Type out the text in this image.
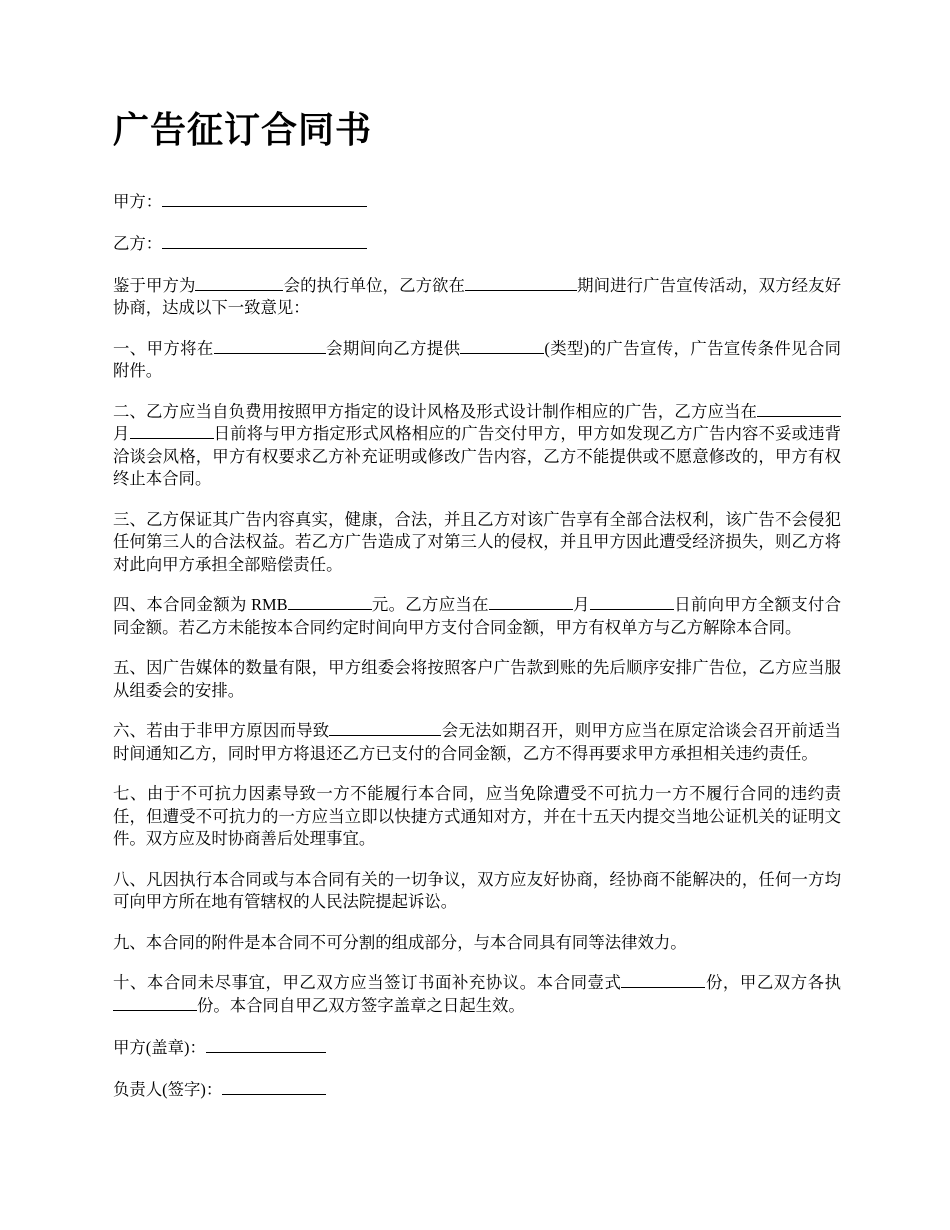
广告征订合同书

甲方：

乙方：

鉴于甲方为	会的执行单位，乙方欲在	期间进行广告宣传活动，双方经友好协商，达成以下一致意见：

一、甲方将在	会期间向乙方提供	(类型)的广告宣传，广告宣传条件见合同附件。

二、乙方应当自负费用按照甲方指定的设计风格及形式设计制作相应的广告，乙方应当在月	日前将与甲方指定形式风格相应的广告交付甲方，甲方如发现乙方广告内容不妥或违背洽谈会风格，甲方有权要求乙方补充证明或修改广告内容，乙方不能提供或不愿意修改的，甲方有权终止本合同。

三、乙方保证其广告内容真实，健康，合法，并且乙方对该广告享有全部合法权利，该广告不会侵犯任何第三人的合法权益。若乙方广告造成了对第三人的侵权，并且甲方因此遭受经济损失，则乙方将对此向甲方承担全部赔偿责任。

四、本合同金额为 RMB	元。乙方应当在	月	日前向甲方全额支付合同金额。若乙方未能按本合同约定时间向甲方支付合同金额，甲方有权单方与乙方解除本合同。

五、因广告媒体的数量有限，甲方组委会将按照客户广告款到账的先后顺序安排广告位，乙方应当服从组委会的安排。

六、若由于非甲方原因而导致	会无法如期召开，则甲方应当在原定洽谈会召开前适当时间通知乙方，同时甲方将退还乙方已支付的合同金额，乙方不得再要求甲方承担相关违约责任。

七、由于不可抗力因素导致一方不能履行本合同，应当免除遭受不可抗力一方不履行合同的违约责任，但遭受不可抗力的一方应当立即以快捷方式通知对方，并在十五天内提交当地公证机关的证明文件。双方应及时协商善后处理事宜。

八、凡因执行本合同或与本合同有关的一切争议，双方应友好协商，经协商不能解决的，任何一方均可向甲方所在地有管辖权的人民法院提起诉讼。

九、本合同的附件是本合同不可分割的组成部分，与本合同具有同等法律效力。

十、本合同未尽事宜，甲乙双方应当签订书面补充协议。本合同壹式	份，甲乙双方各执份。本合同自甲乙双方签字盖章之日起生效。

甲方(盖章)：

负责人(签字)：
